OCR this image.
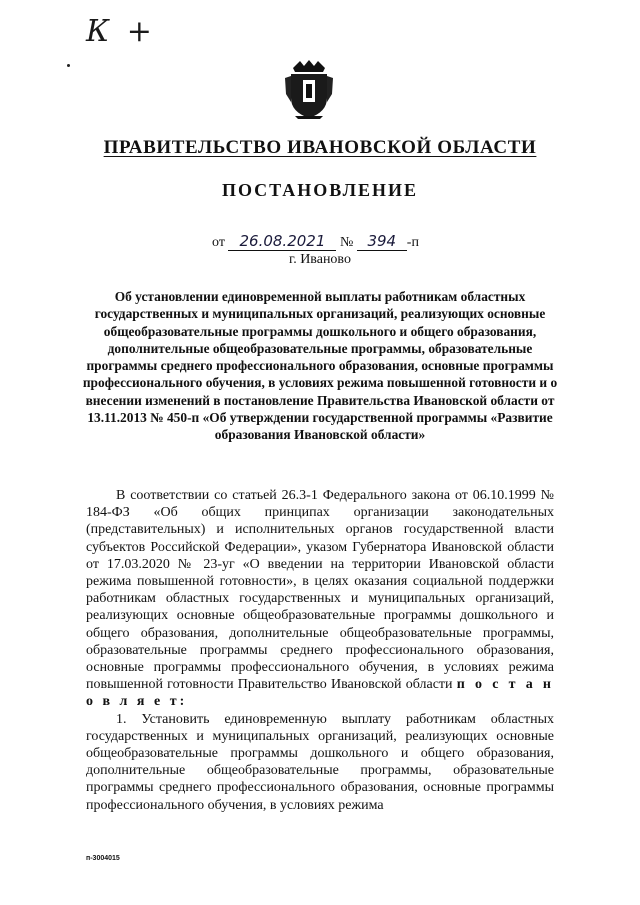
К +
ПРАВИТЕЛЬСТВО ИВАНОВСКОЙ ОБЛАСТИ
ПОСТАНОВЛЕНИЕ
от 26.08.2021 № 394 -п
г. Иваново
Об установлении единовременной выплаты работникам областных государственных и муниципальных организаций, реализующих основные общеобразовательные программы дошкольного и общего образования, дополнительные общеобразовательные программы, образовательные программы среднего профессионального образования, основные программы профессионального обучения, в условиях режима повышенной готовности и о внесении изменений в постановление Правительства Ивановской области от 13.11.2013 № 450-п «Об утверждении государственной программы «Развитие образования Ивановской области»

В соответствии со статьей 26.3-1 Федерального закона от 06.10.1999 № 184-ФЗ «Об общих принципах организации законодательных (представительных) и исполнительных органов государственной власти субъектов Российской Федерации», указом Губернатора Ивановской области от 17.03.2020 № 23-уг «О введении на территории Ивановской области режима повышенной готовности», в целях оказания социальной поддержки работникам областных государственных и муниципальных организаций, реализующих основные общеобразовательные программы дошкольного и общего образования, дополнительные общеобразовательные программы, образовательные программы среднего профессионального образования, основные программы профессионального обучения, в условиях режима повышенной готовности Правительство Ивановской области п о с т а н о в л я е т:

1. Установить единовременную выплату работникам областных государственных и муниципальных организаций, реализующих основные общеобразовательные программы дошкольного и общего образования, дополнительные общеобразовательные программы, образовательные программы среднего профессионального образования, основные программы профессионального обучения, в условиях режима

п-3004015
